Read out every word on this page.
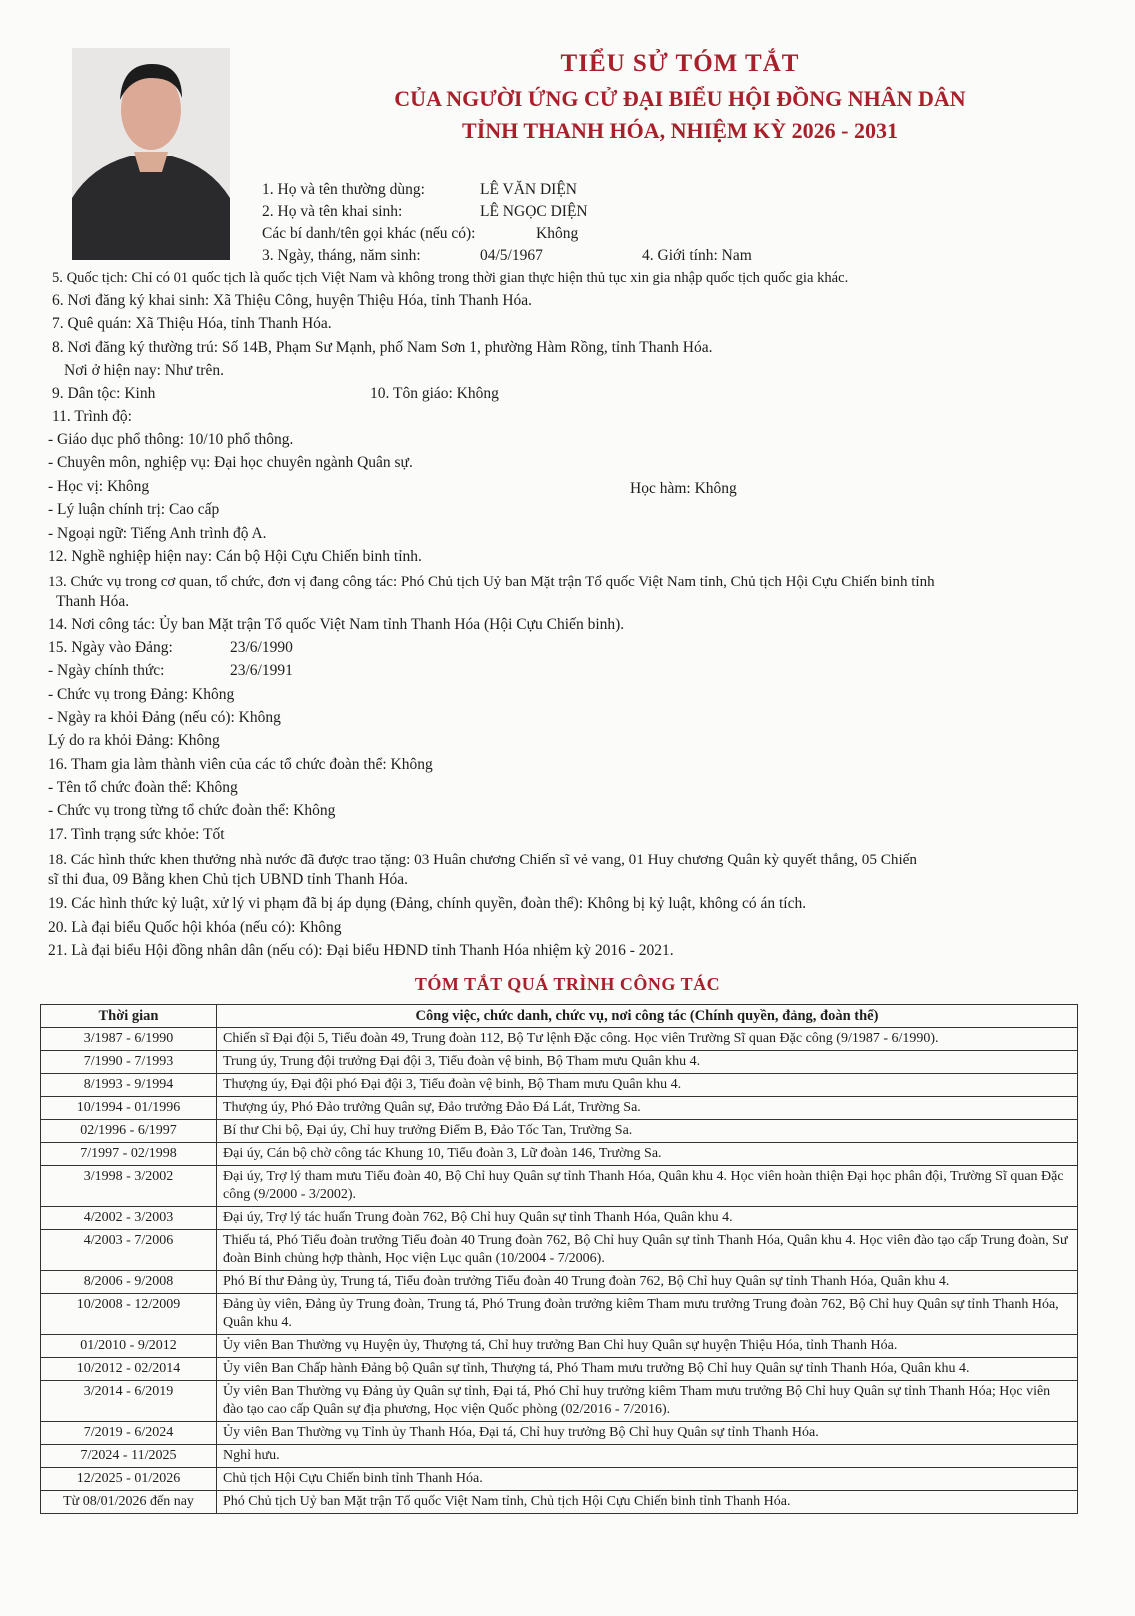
TIỂU SỬ TÓM TẮT
CỦA NGƯỜI ỨNG CỬ ĐẠI BIỂU HỘI ĐỒNG NHÂN DÂN
TỈNH THANH HÓA, NHIỆM KỲ 2026 - 2031
1. Họ và tên thường dùng:	LÊ VĂN DIỆN
2. Họ và tên khai sinh:	LÊ NGỌC DIỆN
Các bí danh/tên gọi khác (nếu có):	Không
3. Ngày, tháng, năm sinh:	04/5/1967	4. Giới tính: Nam
5. Quốc tịch: Chỉ có 01 quốc tịch là quốc tịch Việt Nam và không trong thời gian thực hiện thủ tục xin gia nhập quốc tịch quốc gia khác.
6. Nơi đăng ký khai sinh: Xã Thiệu Công, huyện Thiệu Hóa, tỉnh Thanh Hóa.
7. Quê quán: Xã Thiệu Hóa, tỉnh Thanh Hóa.
8. Nơi đăng ký thường trú: Số 14B, Phạm Sư Mạnh, phố Nam Sơn 1, phường Hàm Rồng, tỉnh Thanh Hóa.
Nơi ở hiện nay: Như trên.
9. Dân tộc: Kinh	10. Tôn giáo: Không
11. Trình độ:
- Giáo dục phổ thông: 10/10 phổ thông.
- Chuyên môn, nghiệp vụ: Đại học chuyên ngành Quân sự.
- Học vị: Không	Học hàm: Không
- Lý luận chính trị: Cao cấp
- Ngoại ngữ: Tiếng Anh trình độ A.
12. Nghề nghiệp hiện nay: Cán bộ Hội Cựu Chiến binh tỉnh.
13. Chức vụ trong cơ quan, tổ chức, đơn vị đang công tác: Phó Chủ tịch Uỷ ban Mặt trận Tổ quốc Việt Nam tỉnh, Chủ tịch Hội Cựu Chiến binh tỉnh
Thanh Hóa.
14. Nơi công tác: Ủy ban Mặt trận Tổ quốc Việt Nam tỉnh Thanh Hóa (Hội Cựu Chiến binh).
15. Ngày vào Đảng:	23/6/1990
- Ngày chính thức:	23/6/1991
- Chức vụ trong Đảng: Không
- Ngày ra khỏi Đảng (nếu có): Không
Lý do ra khỏi Đảng: Không
16. Tham gia làm thành viên của các tổ chức đoàn thể: Không
- Tên tổ chức đoàn thể: Không
- Chức vụ trong từng tổ chức đoàn thể: Không
17. Tình trạng sức khỏe: Tốt
18. Các hình thức khen thưởng nhà nước đã được trao tặng: 03 Huân chương Chiến sĩ vẻ vang, 01 Huy chương Quân kỳ quyết thắng, 05 Chiến
sĩ thi đua, 09 Bằng khen Chủ tịch UBND tỉnh Thanh Hóa.
19. Các hình thức kỷ luật, xử lý vi phạm đã bị áp dụng (Đảng, chính quyền, đoàn thể): Không bị kỷ luật, không có án tích.
20. Là đại biểu Quốc hội khóa (nếu có): Không
21. Là đại biểu Hội đồng nhân dân (nếu có): Đại biểu HĐND tỉnh Thanh Hóa nhiệm kỳ 2016 - 2021.
TÓM TẮT QUÁ TRÌNH CÔNG TÁC
Thời gian	Công việc, chức danh, chức vụ, nơi công tác (Chính quyền, đảng, đoàn thể)
3/1987 - 6/1990	Chiến sĩ Đại đội 5, Tiểu đoàn 49, Trung đoàn 112, Bộ Tư lệnh Đặc công. Học viên Trường Sĩ quan Đặc công (9/1987 - 6/1990).
7/1990 - 7/1993	Trung úy, Trung đội trưởng Đại đội 3, Tiểu đoàn vệ binh, Bộ Tham mưu Quân khu 4.
8/1993 - 9/1994	Thượng úy, Đại đội phó Đại đội 3, Tiểu đoàn vệ binh, Bộ Tham mưu Quân khu 4.
10/1994 - 01/1996	Thượng úy, Phó Đảo trưởng Quân sự, Đảo trưởng Đảo Đá Lát, Trường Sa.
02/1996 - 6/1997	Bí thư Chi bộ, Đại úy, Chỉ huy trưởng Điểm B, Đảo Tốc Tan, Trường Sa.
7/1997 - 02/1998	Đại úy, Cán bộ chờ công tác Khung 10, Tiểu đoàn 3, Lữ đoàn 146, Trường Sa.
3/1998 - 3/2002	Đại úy, Trợ lý tham mưu Tiểu đoàn 40, Bộ Chỉ huy Quân sự tỉnh Thanh Hóa, Quân khu 4. Học viên hoàn thiện Đại học phân đội, Trường Sĩ quan Đặc công (9/2000 - 3/2002).
4/2002 - 3/2003	Đại úy, Trợ lý tác huấn Trung đoàn 762, Bộ Chỉ huy Quân sự tỉnh Thanh Hóa, Quân khu 4.
4/2003 - 7/2006	Thiếu tá, Phó Tiểu đoàn trưởng Tiểu đoàn 40 Trung đoàn 762, Bộ Chỉ huy Quân sự tỉnh Thanh Hóa, Quân khu 4. Học viên đào tạo cấp Trung đoàn, Sư đoàn Binh chủng hợp thành, Học viện Lục quân (10/2004 - 7/2006).
8/2006 - 9/2008	Phó Bí thư Đảng ủy, Trung tá, Tiểu đoàn trưởng Tiểu đoàn 40 Trung đoàn 762, Bộ Chỉ huy Quân sự tỉnh Thanh Hóa, Quân khu 4.
10/2008 - 12/2009	Đảng ủy viên, Đảng ủy Trung đoàn, Trung tá, Phó Trung đoàn trưởng kiêm Tham mưu trưởng Trung đoàn 762, Bộ Chỉ huy Quân sự tỉnh Thanh Hóa, Quân khu 4.
01/2010 - 9/2012	Ủy viên Ban Thường vụ Huyện ủy, Thượng tá, Chỉ huy trưởng Ban Chỉ huy Quân sự huyện Thiệu Hóa, tỉnh Thanh Hóa.
10/2012 - 02/2014	Ủy viên Ban Chấp hành Đảng bộ Quân sự tỉnh, Thượng tá, Phó Tham mưu trưởng Bộ Chỉ huy Quân sự tỉnh Thanh Hóa, Quân khu 4.
3/2014 - 6/2019	Ủy viên Ban Thường vụ Đảng ủy Quân sự tỉnh, Đại tá, Phó Chỉ huy trưởng kiêm Tham mưu trưởng Bộ Chỉ huy Quân sự tỉnh Thanh Hóa; Học viên đào tạo cao cấp Quân sự địa phương, Học viện Quốc phòng (02/2016 - 7/2016).
7/2019 - 6/2024	Ủy viên Ban Thường vụ Tỉnh ủy Thanh Hóa, Đại tá, Chỉ huy trưởng Bộ Chỉ huy Quân sự tỉnh Thanh Hóa.
7/2024 - 11/2025	Nghỉ hưu.
12/2025 - 01/2026	Chủ tịch Hội Cựu Chiến binh tỉnh Thanh Hóa.
Từ 08/01/2026 đến nay	Phó Chủ tịch Uỷ ban Mặt trận Tổ quốc Việt Nam tỉnh, Chủ tịch Hội Cựu Chiến binh tỉnh Thanh Hóa.
